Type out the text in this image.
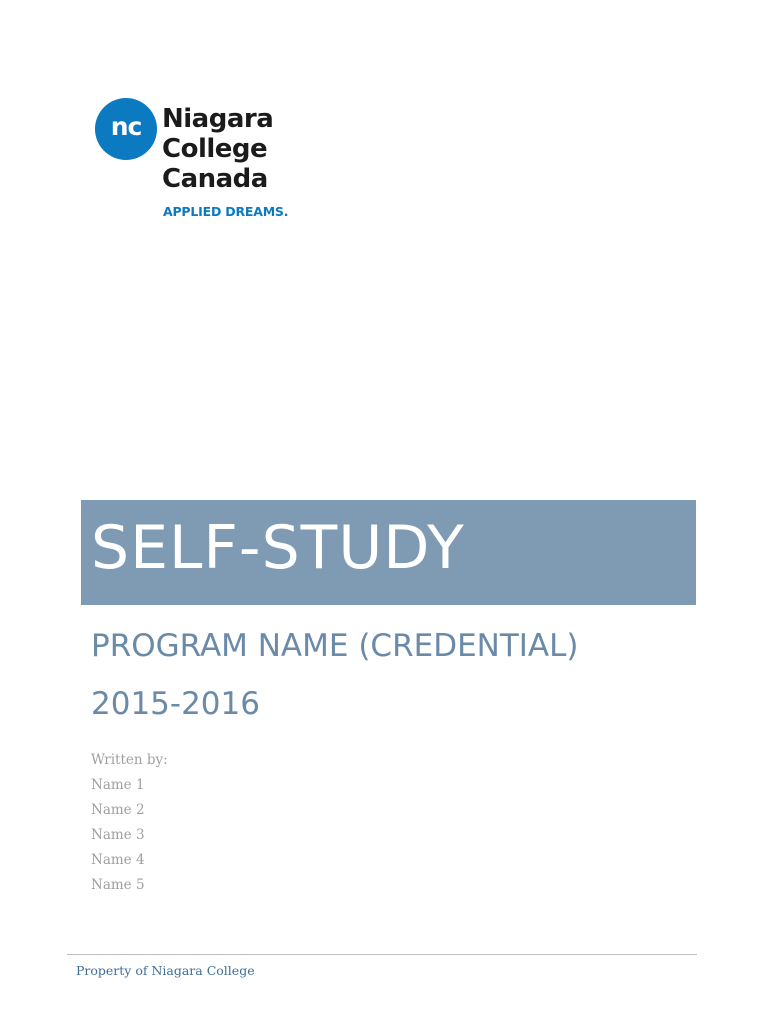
nc Niagara
College
Canada
APPLIED DREAMS.
SELF-STUDY
PROGRAM NAME (CREDENTIAL)
2015-2016
Written by:
Name 1
Name 2
Name 3
Name 4
Name 5
Property of Niagara College
